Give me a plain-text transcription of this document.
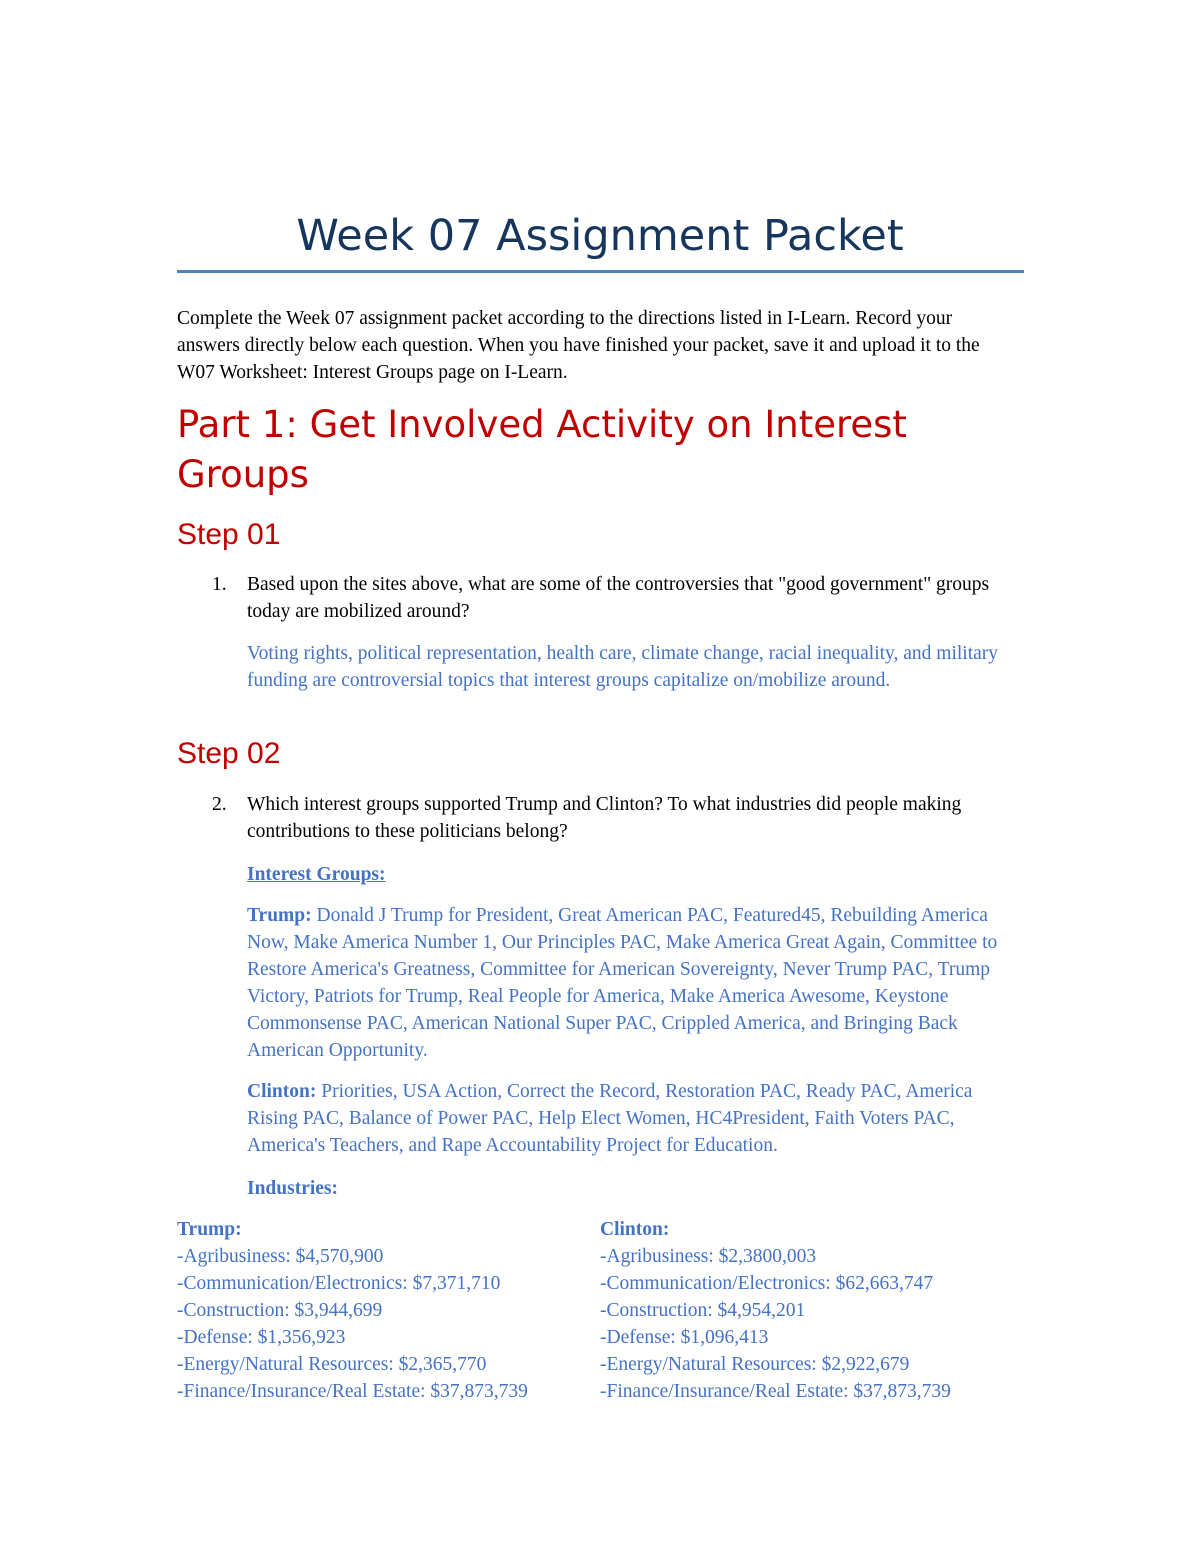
Week 07 Assignment Packet
Complete the Week 07 assignment packet according to the directions listed in I-Learn. Record your answers directly below each question. When you have finished your packet, save it and upload it to the W07 Worksheet: Interest Groups page on I-Learn.
Part 1: Get Involved Activity on Interest Groups
Step 01
1. Based upon the sites above, what are some of the controversies that "good government" groups today are mobilized around?
Voting rights, political representation, health care, climate change, racial inequality, and military funding are controversial topics that interest groups capitalize on/mobilize around.
Step 02
2. Which interest groups supported Trump and Clinton? To what industries did people making contributions to these politicians belong?
Interest Groups:
Trump: Donald J Trump for President, Great American PAC, Featured45, Rebuilding America Now, Make America Number 1, Our Principles PAC, Make America Great Again, Committee to Restore America's Greatness, Committee for American Sovereignty, Never Trump PAC, Trump Victory, Patriots for Trump, Real People for America, Make America Awesome, Keystone Commonsense PAC, American National Super PAC, Crippled America, and Bringing Back American Opportunity.
Clinton: Priorities, USA Action, Correct the Record, Restoration PAC, Ready PAC, America Rising PAC, Balance of Power PAC, Help Elect Women, HC4President, Faith Voters PAC, America's Teachers, and Rape Accountability Project for Education.
Industries:
Trump:
-Agribusiness: $4,570,900
-Communication/Electronics: $7,371,710
-Construction: $3,944,699
-Defense: $1,356,923
-Energy/Natural Resources: $2,365,770
-Finance/Insurance/Real Estate: $37,873,739
Clinton:
-Agribusiness: $2,3800,003
-Communication/Electronics: $62,663,747
-Construction: $4,954,201
-Defense: $1,096,413
-Energy/Natural Resources: $2,922,679
-Finance/Insurance/Real Estate: $37,873,739
